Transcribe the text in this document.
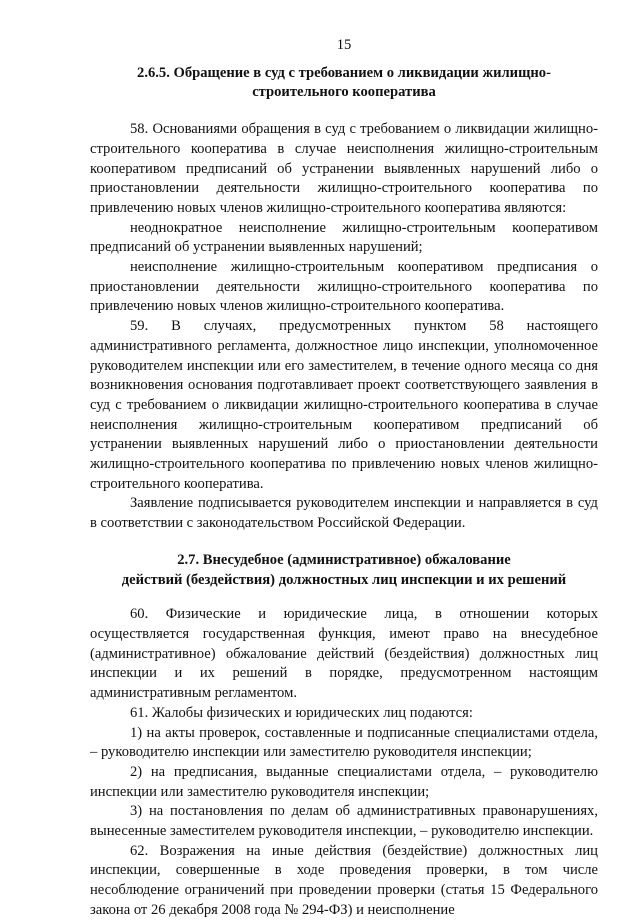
15
2.6.5. Обращение в суд с требованием о ликвидации жилищно-
строительного кооператива

58. Основаниями обращения в суд с требованием о ликвидации жилищно-строительного кооператива в случае неисполнения жилищно-строительным кооперативом предписаний об устранении выявленных нарушений либо о приостановлении деятельности жилищно-строительного кооператива по привлечению новых членов жилищно-строительного кооператива являются:

неоднократное неисполнение жилищно-строительным кооперативом предписаний об устранении выявленных нарушений;

неисполнение жилищно-строительным кооперативом предписания о приостановлении деятельности жилищно-строительного кооператива по привлечению новых членов жилищно-строительного кооператива.

59. В случаях, предусмотренных пунктом 58 настоящего административного регламента, должностное лицо инспекции, уполномоченное руководителем инспекции или его заместителем, в течение одного месяца со дня возникновения основания подготавливает проект соответствующего заявления в суд с требованием о ликвидации жилищно-строительного кооператива в случае неисполнения жилищно-строительным кооперативом предписаний об устранении выявленных нарушений либо о приостановлении деятельности жилищно-строительного кооператива по привлечению новых членов жилищно-строительного кооператива.

Заявление подписывается руководителем инспекции и направляется в суд в соответствии с законодательством Российской Федерации.

2.7. Внесудебное (административное) обжалование
действий (бездействия) должностных лиц инспекции и их решений

60. Физические и юридические лица, в отношении которых осуществляется государственная функция, имеют право на внесудебное (административное) обжалование действий (бездействия) должностных лиц инспекции и их решений в порядке, предусмотренном настоящим административным регламентом.

61. Жалобы физических и юридических лиц подаются:

1) на акты проверок, составленные и подписанные специалистами отдела, – руководителю инспекции или заместителю руководителя инспекции;

2) на предписания, выданные специалистами отдела, – руководителю инспекции или заместителю руководителя инспекции;

3) на постановления по делам об административных правонарушениях, вынесенные заместителем руководителя инспекции, – руководителю инспекции.

62. Возражения на иные действия (бездействие) должностных лиц инспекции, совершенные в ходе проведения проверки, в том числе несоблюдение ограничений при проведении проверки (статья 15 Федерального закона от 26 декабря 2008 года № 294-ФЗ) и неисполнение
